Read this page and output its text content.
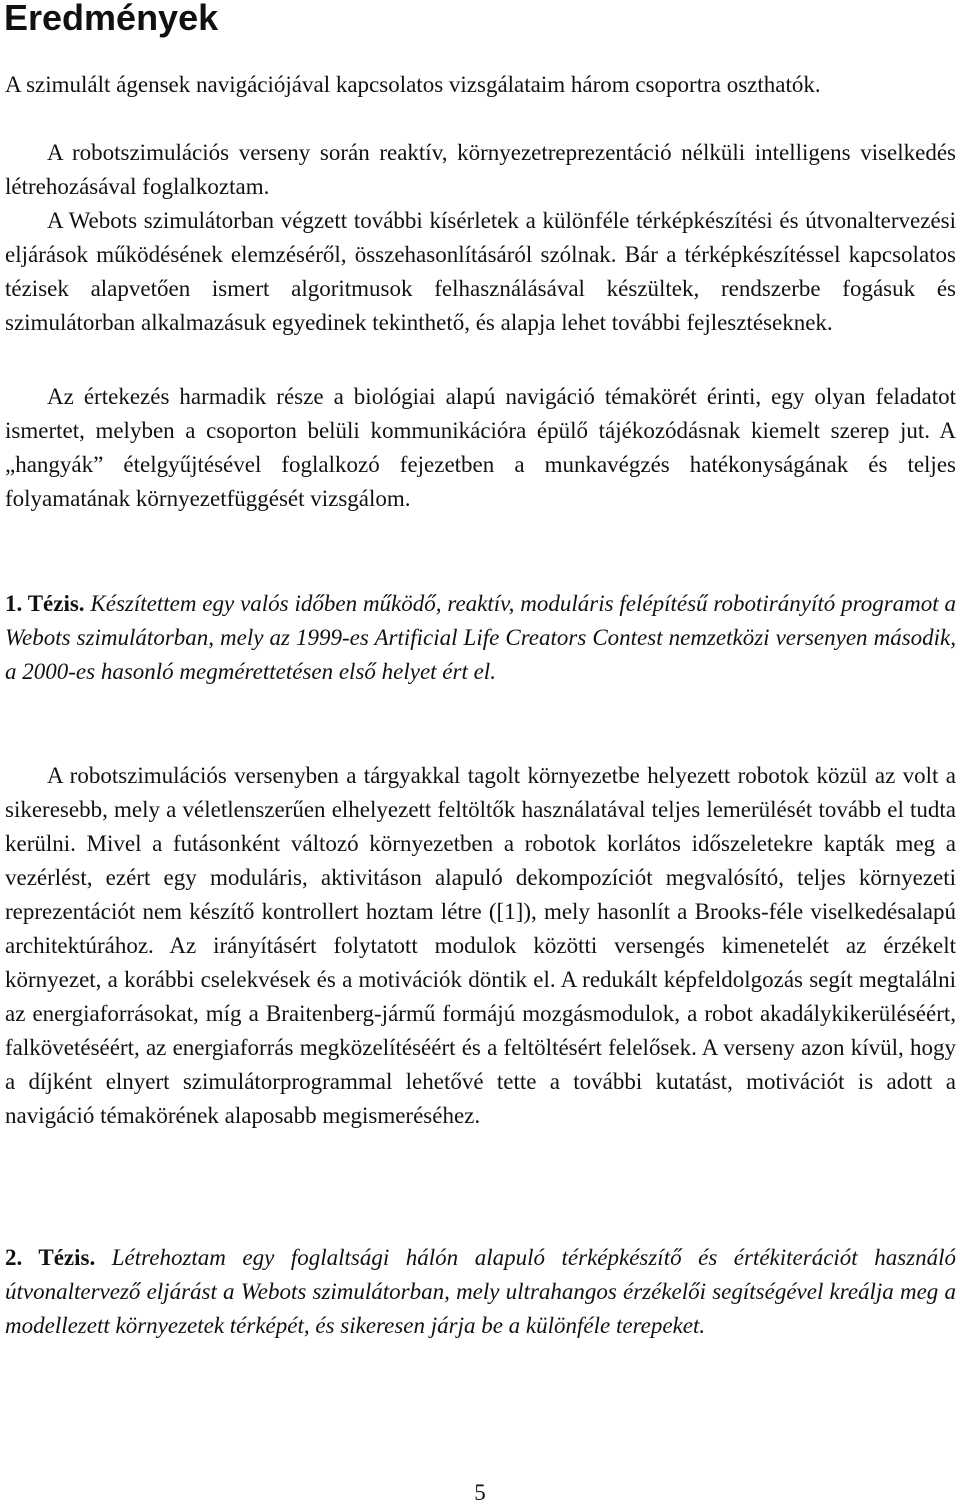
Eredmények

A szimulált ágensek navigációjával kapcsolatos vizsgálataim három csoportra oszthatók.

A robotszimulációs verseny során reaktív, környezetreprezentáció nélküli intelligens viselkedés létrehozásával foglalkoztam.

A Webots szimulátorban végzett további kísérletek a különféle térképkészítési és útvonaltervezési eljárások működésének elemzéséről, összehasonlításáról szólnak. Bár a térképkészítéssel kapcsolatos tézisek alapvetően ismert algoritmusok felhasználásával készültek, rendszerbe fogásuk és szimulátorban alkalmazásuk egyedinek tekinthető, és alapja lehet további fejlesztéseknek.

Az értekezés harmadik része a biológiai alapú navigáció témakörét érinti, egy olyan feladatot ismertet, melyben a csoporton belüli kommunikációra épülő tájékozódásnak kiemelt szerep jut. A „hangyák” ételgyűjtésével foglalkozó fejezetben a munkavégzés hatékonyságának és teljes folyamatának környezetfüggését vizsgálom.

1. Tézis. Készítettem egy valós időben működő, reaktív, moduláris felépítésű robotirányító programot a Webots szimulátorban, mely az 1999-es Artificial Life Creators Contest nemzetközi versenyen második, a 2000-es hasonló megmérettetésen első helyet ért el.

A robotszimulációs versenyben a tárgyakkal tagolt környezetbe helyezett robotok közül az volt a sikeresebb, mely a véletlenszerűen elhelyezett feltöltők használatával teljes lemerülését tovább el tudta kerülni. Mivel a futásonként változó környezetben a robotok korlátos időszeletekre kapták meg a vezérlést, ezért egy moduláris, aktivitáson alapuló dekompozíciót megvalósító, teljes környezeti reprezentációt nem készítő kontrollert hoztam létre ([1]), mely hasonlít a Brooks-féle viselkedésalapú architektúrához. Az irányításért folytatott modulok közötti versengés kimenetelét az érzékelt környezet, a korábbi cselekvések és a motivációk döntik el. A redukált képfeldolgozás segít megtalálni az energiaforrásokat, míg a Braitenberg-jármű formájú mozgásmodulok, a robot akadálykikerüléséért, falkövetéséért, az energiaforrás megközelítéséért és a feltöltésért felelősek. A verseny azon kívül, hogy a díjként elnyert szimulátorprogrammal lehetővé tette a további kutatást, motivációt is adott a navigáció témakörének alaposabb megismeréséhez.

2. Tézis. Létrehoztam egy foglaltsági hálón alapuló térképkészítő és értékiterációt használó útvonaltervező eljárást a Webots szimulátorban, mely ultrahangos érzékelői segítségével kreálja meg a modellezett környezetek térképét, és sikeresen járja be a különféle terepeket.

5
